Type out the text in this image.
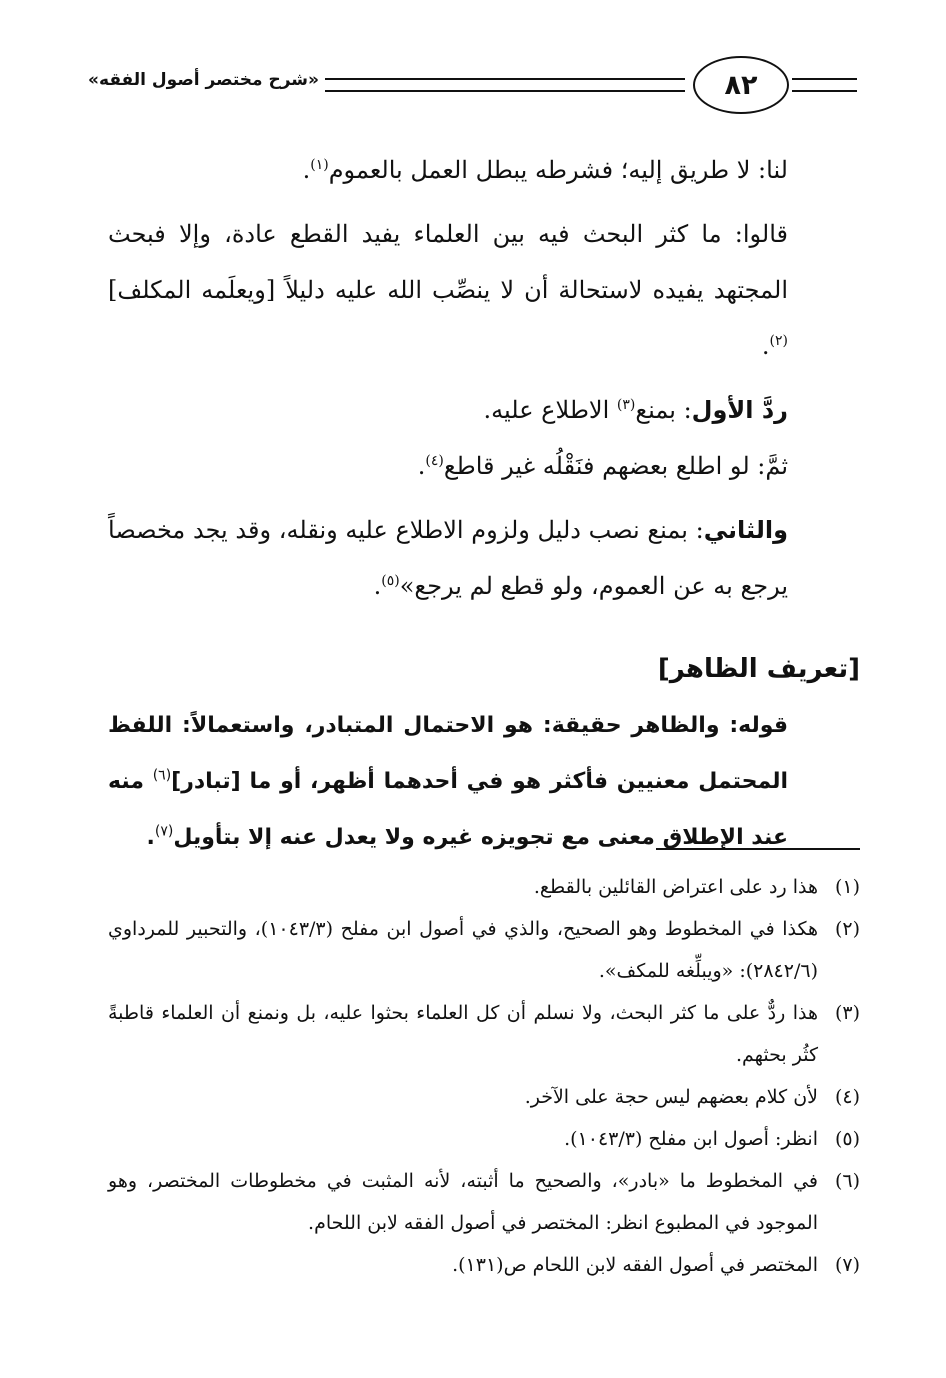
٨٢
«شرح مختصر أصول الفقه»

لنا: لا طريق إليه؛ فشرطه يبطل العمل بالعموم$^{(١)}$.

قالوا: ما كثر البحث فيه بين العلماء يفيد القطع عادة، وإلا فبحث المجتهد يفيده لاستحالة أن لا ينصِّب الله عليه دليلاً [ويعلَمه المكلف]$^{(٢)}$.

ردَّ الأول: بمنع$^{(٣)}$ الاطلاع عليه.

ثمَّ: لو اطلع بعضهم فنَقْلُه غير قاطع$^{(٤)}$.

والثاني: بمنع نصب دليل ولزوم الاطلاع عليه ونقله، وقد يجد مخصصاً يرجع به عن العموم، ولو قطع لم يرجع»$^{(٥)}$.

[تعريف الظاهر]

قوله: والظاهر حقيقة: هو الاحتمال المتبادر، واستعمالاً: اللفظ المحتمل معنيين فأكثر هو في أحدهما أظهر، أو ما [تبادر]$^{(٦)}$ منه عند الإطلاق معنى مع تجويزه غيره ولا يعدل عنه إلا بتأويل$^{(٧)}$.

(١)
هذا رد على اعتراض القائلين بالقطع.
(٢)
هكذا في المخطوط وهو الصحيح، والذي في أصول ابن مفلح (١٠٤٣/٣)، والتحبير للمرداوي (٢٨٤٢/٦): «ويبلِّغه للمكف».
(٣)
هذا ردٌّ على ما كثر البحث، ولا نسلم أن كل العلماء بحثوا عليه، بل ونمنع أن العلماء قاطبةً كثُر بحثهم.
(٤)
لأن كلام بعضهم ليس حجة على الآخر.
(٥)
انظر: أصول ابن مفلح (١٠٤٣/٣).
(٦)
في المخطوط ما «بادر»، والصحيح ما أثبته، لأنه المثبت في مخطوطات المختصر، وهو الموجود في المطبوع انظر: المختصر في أصول الفقه لابن اللحام.
(٧)
المختصر في أصول الفقه لابن اللحام ص(١٣١).
